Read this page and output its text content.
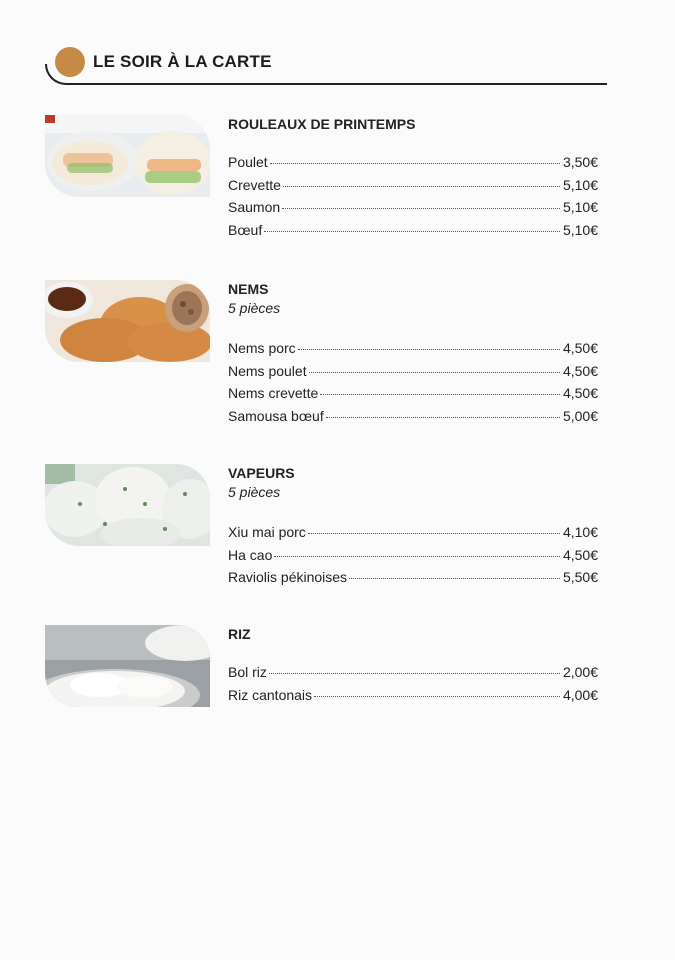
LE SOIR À LA CARTE
ROULEAUX DE PRINTEMPS
Poulet	3,50€
Crevette	5,10€
Saumon	5,10€
Bœuf	5,10€
NEMS
5 pièces
Nems porc	4,50€
Nems poulet	4,50€
Nems crevette	4,50€
Samousa bœuf	5,00€
VAPEURS
5 pièces
Xiu mai porc	4,10€
Ha cao	4,50€
Raviolis pékinoises	5,50€
RIZ
Bol riz	2,00€
Riz cantonais	4,00€
